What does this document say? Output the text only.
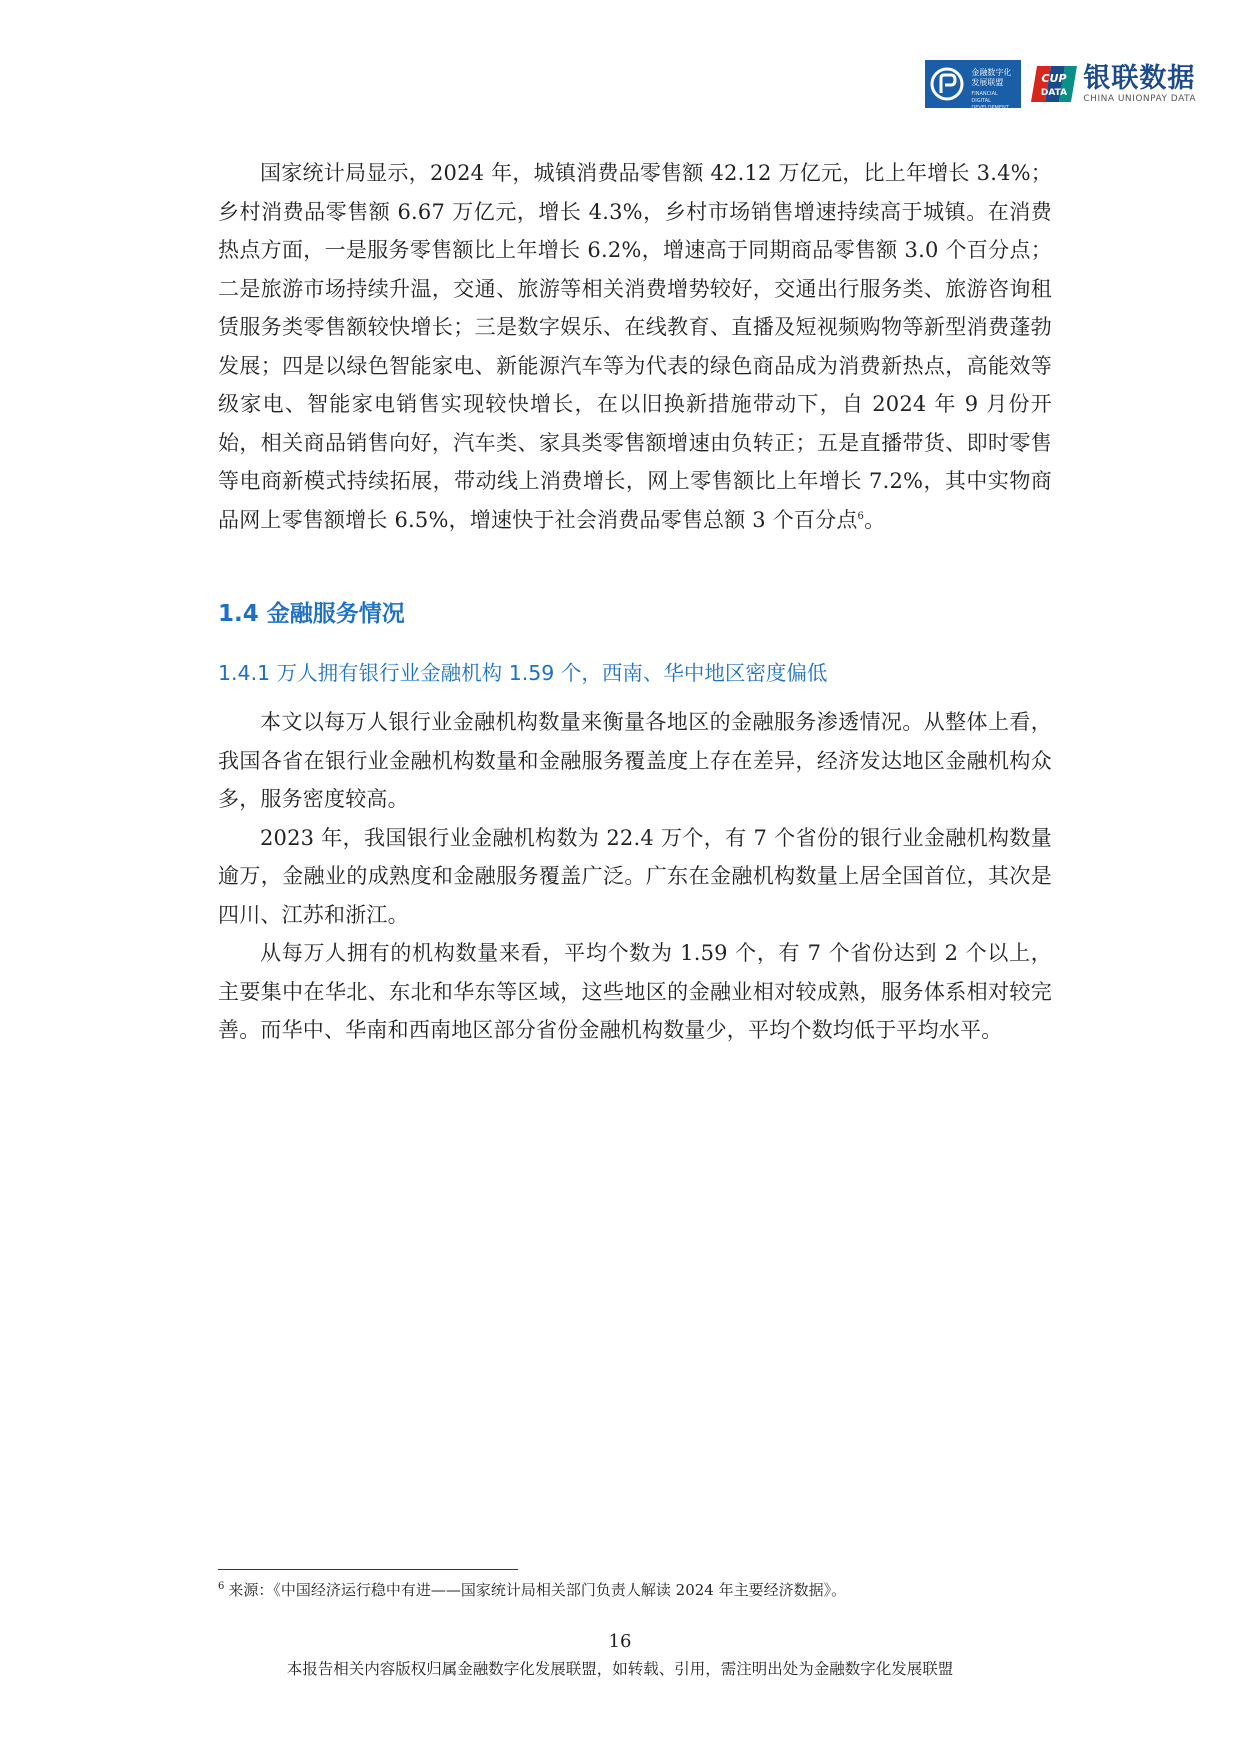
金融数字化发展联盟
FINANCIAL DIGITAL DEVELOPMENT ALLIANCE
CUP
DATA 银联数据
CHINA UNIONPAY DATA

国家统计局显示，2024 年，城镇消费品零售额 42.12 万亿元，比上年增长 3.4%；乡村消费品零售额 6.67 万亿元，增长 4.3%，乡村市场销售增速持续高于城镇。在消费热点方面，一是服务零售额比上年增长 6.2%，增速高于同期商品零售额 3.0 个百分点；二是旅游市场持续升温，交通、旅游等相关消费增势较好，交通出行服务类、旅游咨询租赁服务类零售额较快增长；三是数字娱乐、在线教育、直播及短视频购物等新型消费蓬勃发展；四是以绿色智能家电、新能源汽车等为代表的绿色商品成为消费新热点，高能效等级家电、智能家电销售实现较快增长，在以旧换新措施带动下，自 2024 年 9 月份开始，相关商品销售向好，汽车类、家具类零售额增速由负转正；五是直播带货、即时零售等电商新模式持续拓展，带动线上消费增长，网上零售额比上年增长 7.2%，其中实物商品网上零售额增长 6.5%，增速快于社会消费品零售总额 3 个百分点$^6$。

1.4 金融服务情况
1.4.1 万人拥有银行业金融机构 1.59 个，西南、华中地区密度偏低

本文以每万人银行业金融机构数量来衡量各地区的金融服务渗透情况。从整体上看，我国各省在银行业金融机构数量和金融服务覆盖度上存在差异，经济发达地区金融机构众多，服务密度较高。

2023 年，我国银行业金融机构数为 22.4 万个，有 7 个省份的银行业金融机构数量逾万，金融业的成熟度和金融服务覆盖广泛。广东在金融机构数量上居全国首位，其次是四川、江苏和浙江。

从每万人拥有的机构数量来看，平均个数为 1.59 个，有 7 个省份达到 2 个以上，主要集中在华北、东北和华东等区域，这些地区的金融业相对较成熟，服务体系相对较完善。而华中、华南和西南地区部分省份金融机构数量少，平均个数均低于平均水平。

$^6$ 来源：《中国经济运行稳中有进——国家统计局相关部门负责人解读 2024 年主要经济数据》。
16
本报告相关内容版权归属金融数字化发展联盟，如转载、引用，需注明出处为金融数字化发展联盟
